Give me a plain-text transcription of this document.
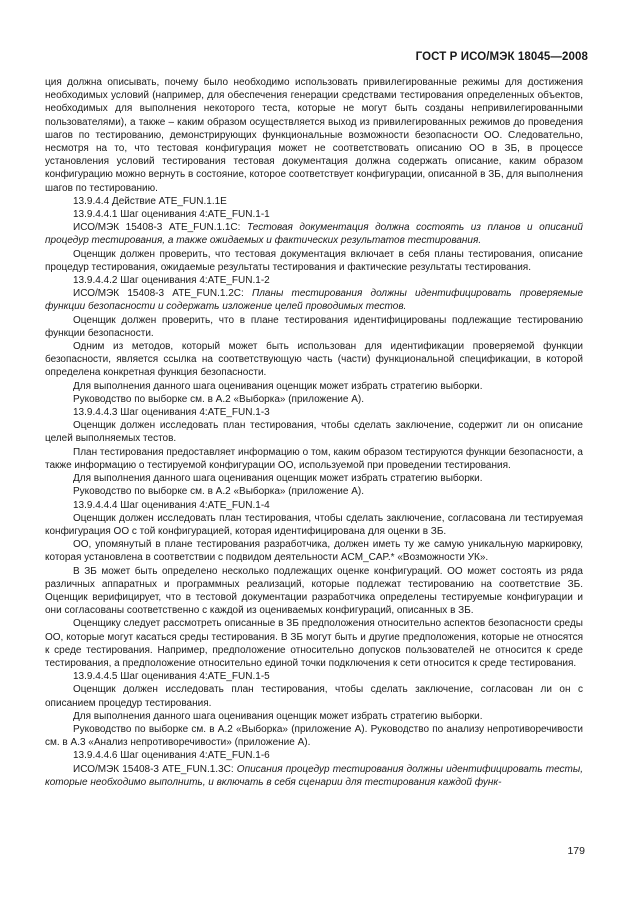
ГОСТ Р ИСО/МЭК 18045—2008

ция должна описывать, почему было необходимо использовать привилегированные режимы для достижения необходимых условий (например, для обеспечения генерации средствами тестирования определенных объектов, необходимых для выполнения некоторого теста, которые не могут быть созданы непривилегированными пользователями), а также – каким образом осуществляется выход из привилегированных режимов до проведения шагов по тестированию, демонстрирующих функциональные возможности безопасности ОО. Следовательно, несмотря на то, что тестовая конфигурация может не соответствовать описанию ОО в ЗБ, в процессе установления условий тестирования тестовая документация должна содержать описание, каким образом конфигурацию можно вернуть в состояние, которое соответствует конфигурации, описанной в ЗБ, для выполнения шагов по тестированию.

13.9.4.4 Действие ATE_FUN.1.1E

13.9.4.4.1 Шаг оценивания 4:ATE_FUN.1-1

ИСО/МЭК 15408-3 ATE_FUN.1.1С: Тестовая документация должна состоять из планов и описаний процедур тестирования, а также ожидаемых и фактических результатов тестирования.

Оценщик должен проверить, что тестовая документация включает в себя планы тестирования, описание процедур тестирования, ожидаемые результаты тестирования и фактические результаты тестирования.

13.9.4.4.2 Шаг оценивания 4:ATE_FUN.1-2

ИСО/МЭК 15408-3 ATE_FUN.1.2С: Планы тестирования должны идентифицировать проверяемые функции безопасности и содержать изложение целей проводимых тестов.

Оценщик должен проверить, что в плане тестирования идентифицированы подлежащие тестированию функции безопасности.

Одним из методов, который может быть использован для идентификации проверяемой функции безопасности, является ссылка на соответствующую часть (части) функциональной спецификации, в которой определена конкретная функция безопасности.

Для выполнения данного шага оценивания оценщик может избрать стратегию выборки.

Руководство по выборке см. в А.2 «Выборка» (приложение А).

13.9.4.4.3 Шаг оценивания 4:ATE_FUN.1-3

Оценщик должен исследовать план тестирования, чтобы сделать заключение, содержит ли он описание целей выполняемых тестов.

План тестирования предоставляет информацию о том, каким образом тестируются функции безопасности, а также информацию о тестируемой конфигурации ОО, используемой при проведении тестирования.

Для выполнения данного шага оценивания оценщик может избрать стратегию выборки.

Руководство по выборке см. в А.2 «Выборка» (приложение А).

13.9.4.4.4 Шаг оценивания 4:ATE_FUN.1-4

Оценщик должен исследовать план тестирования, чтобы сделать заключение, согласована ли тестируемая конфигурация ОО с той конфигурацией, которая идентифицирована для оценки в ЗБ.

ОО, упомянутый в плане тестирования разработчика, должен иметь ту же самую уникальную маркировку, которая установлена в соответствии с подвидом деятельности ACM_CAP.* «Возможности УК».

В ЗБ может быть определено несколько подлежащих оценке конфигураций. ОО может состоять из ряда различных аппаратных и программных реализаций, которые подлежат тестированию на соответствие ЗБ. Оценщик верифицирует, что в тестовой документации разработчика определены тестируемые конфигурации и они согласованы соответственно с каждой из оцениваемых конфигураций, описанных в ЗБ.

Оценщику следует рассмотреть описанные в ЗБ предположения относительно аспектов безопасности среды ОО, которые могут касаться среды тестирования. В ЗБ могут быть и другие предположения, которые не относятся к среде тестирования. Например, предположение относительно допусков пользователей не относится к среде тестирования, а предположение относительно единой точки подключения к сети относится к среде тестирования.

13.9.4.4.5 Шаг оценивания 4:ATE_FUN.1-5

Оценщик должен исследовать план тестирования, чтобы сделать заключение, согласован ли он с описанием процедур тестирования.

Для выполнения данного шага оценивания оценщик может избрать стратегию выборки.

Руководство по выборке см. в А.2 «Выборка» (приложение А). Руководство по анализу непротиворечивости см. в А.3 «Анализ непротиворечивости» (приложение А).

13.9.4.4.6 Шаг оценивания 4:ATE_FUN.1-6

ИСО/МЭК 15408-3 ATE_FUN.1.3С: Описания процедур тестирования должны идентифицировать тесты, которые необходимо выполнить, и включать в себя сценарии для тестирования каждой функ-

179
